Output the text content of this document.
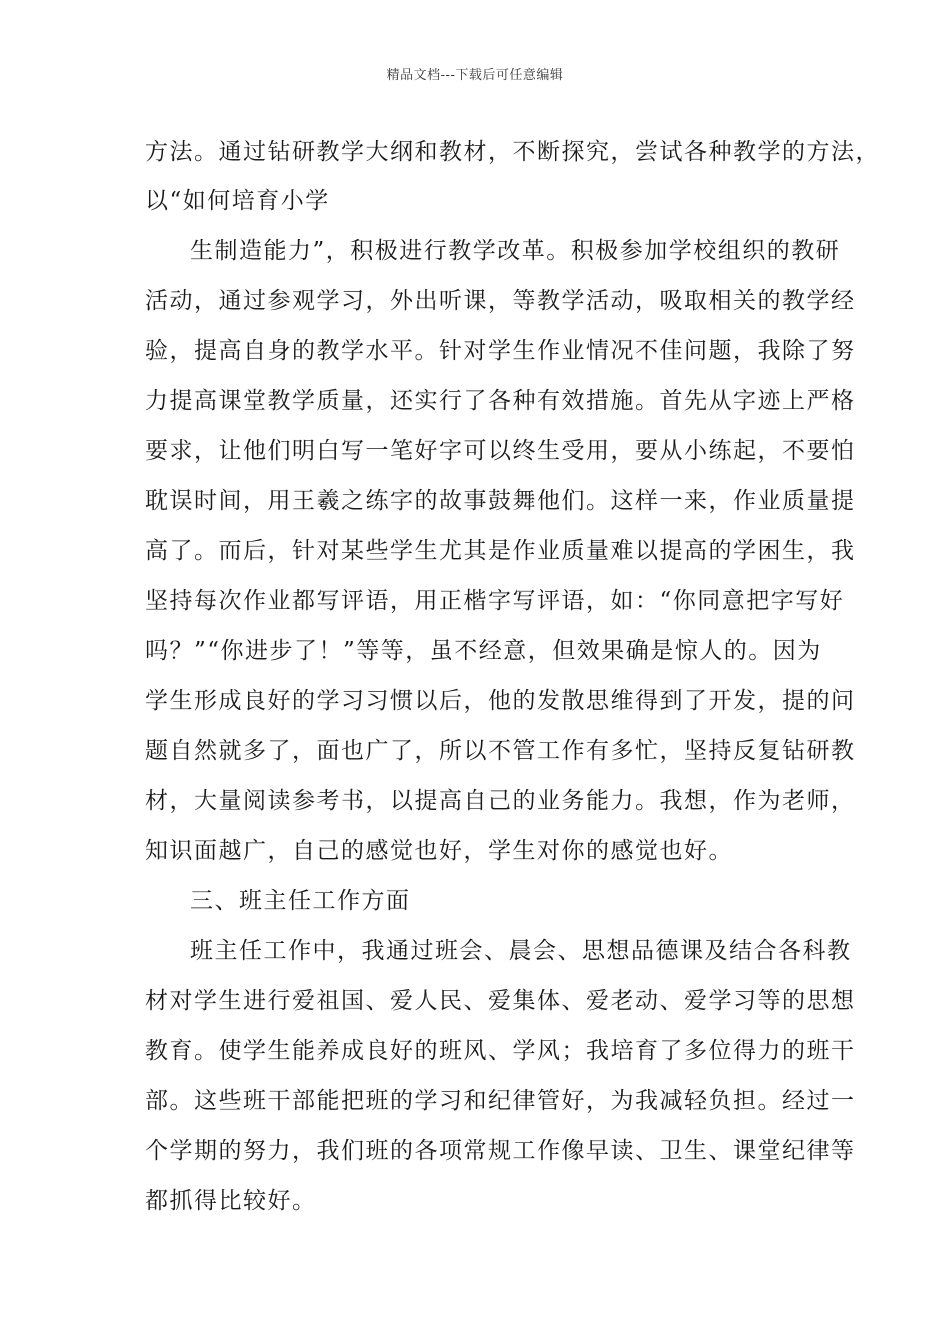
精品文档---下载后可任意编辑
方法。通过钻研教学大纲和教材，不断探究，尝试各种教学的方法，
以“如何培育小学
生制造能力”，积极进行教学改革。积极参加学校组织的教研
活动，通过参观学习，外出听课，等教学活动，吸取相关的教学经
验，提高自身的教学水平。针对学生作业情况不佳问题，我除了努
力提高课堂教学质量，还实行了各种有效措施。首先从字迹上严格
要求，让他们明白写一笔好字可以终生受用，要从小练起，不要怕
耽误时间，用王羲之练字的故事鼓舞他们。这样一来，作业质量提
高了。而后，针对某些学生尤其是作业质量难以提高的学困生，我
坚持每次作业都写评语，用正楷字写评语，如：“你同意把字写好
吗？”“你进步了！”等等，虽不经意，但效果确是惊人的。因为
学生形成良好的学习习惯以后，他的发散思维得到了开发，提的问
题自然就多了，面也广了，所以不管工作有多忙，坚持反复钻研教
材，大量阅读参考书，以提高自己的业务能力。我想，作为老师，
知识面越广，自己的感觉也好，学生对你的感觉也好。
三、班主任工作方面
班主任工作中，我通过班会、晨会、思想品德课及结合各科教
材对学生进行爱祖国、爱人民、爱集体、爱老动、爱学习等的思想
教育。使学生能养成良好的班风、学风；我培育了多位得力的班干
部。这些班干部能把班的学习和纪律管好，为我减轻负担。经过一
个学期的努力，我们班的各项常规工作像早读、卫生、课堂纪律等
都抓得比较好。
